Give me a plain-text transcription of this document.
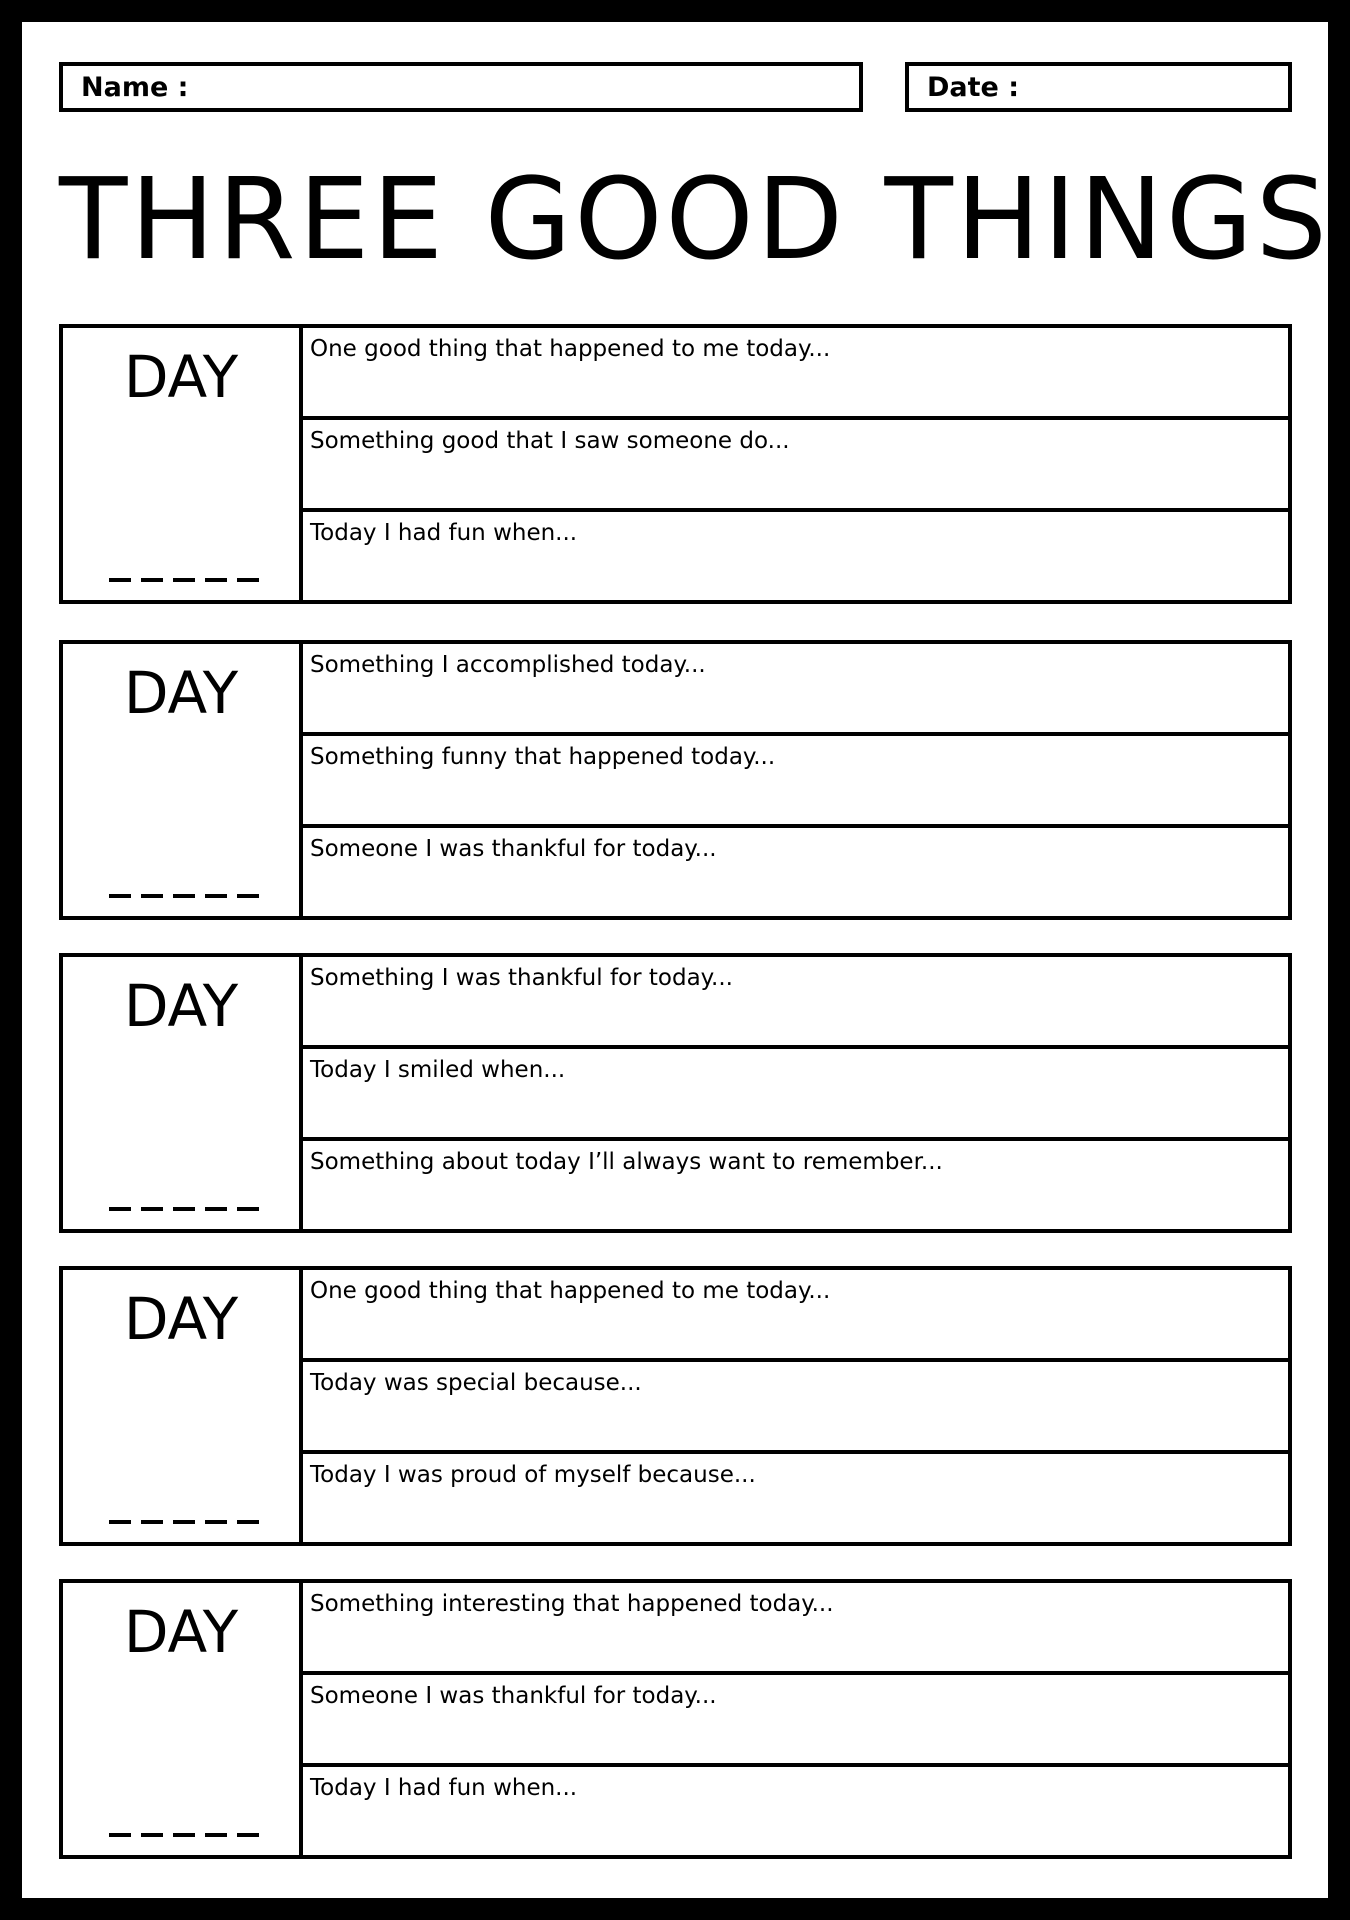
Name :	Date :
THREE GOOD THINGS
DAY	One good thing that happened to me today...
Something good that I saw someone do...
Today I had fun when...
DAY	Something I accomplished today...
Something funny that happened today...
Someone I was thankful for today...
DAY	Something I was thankful for today...
Today I smiled when...
Something about today I’ll always want to remember...
DAY	One good thing that happened to me today...
Today was special because...
Today I was proud of myself because...
DAY	Something interesting that happened today...
Someone I was thankful for today...
Today I had fun when...
